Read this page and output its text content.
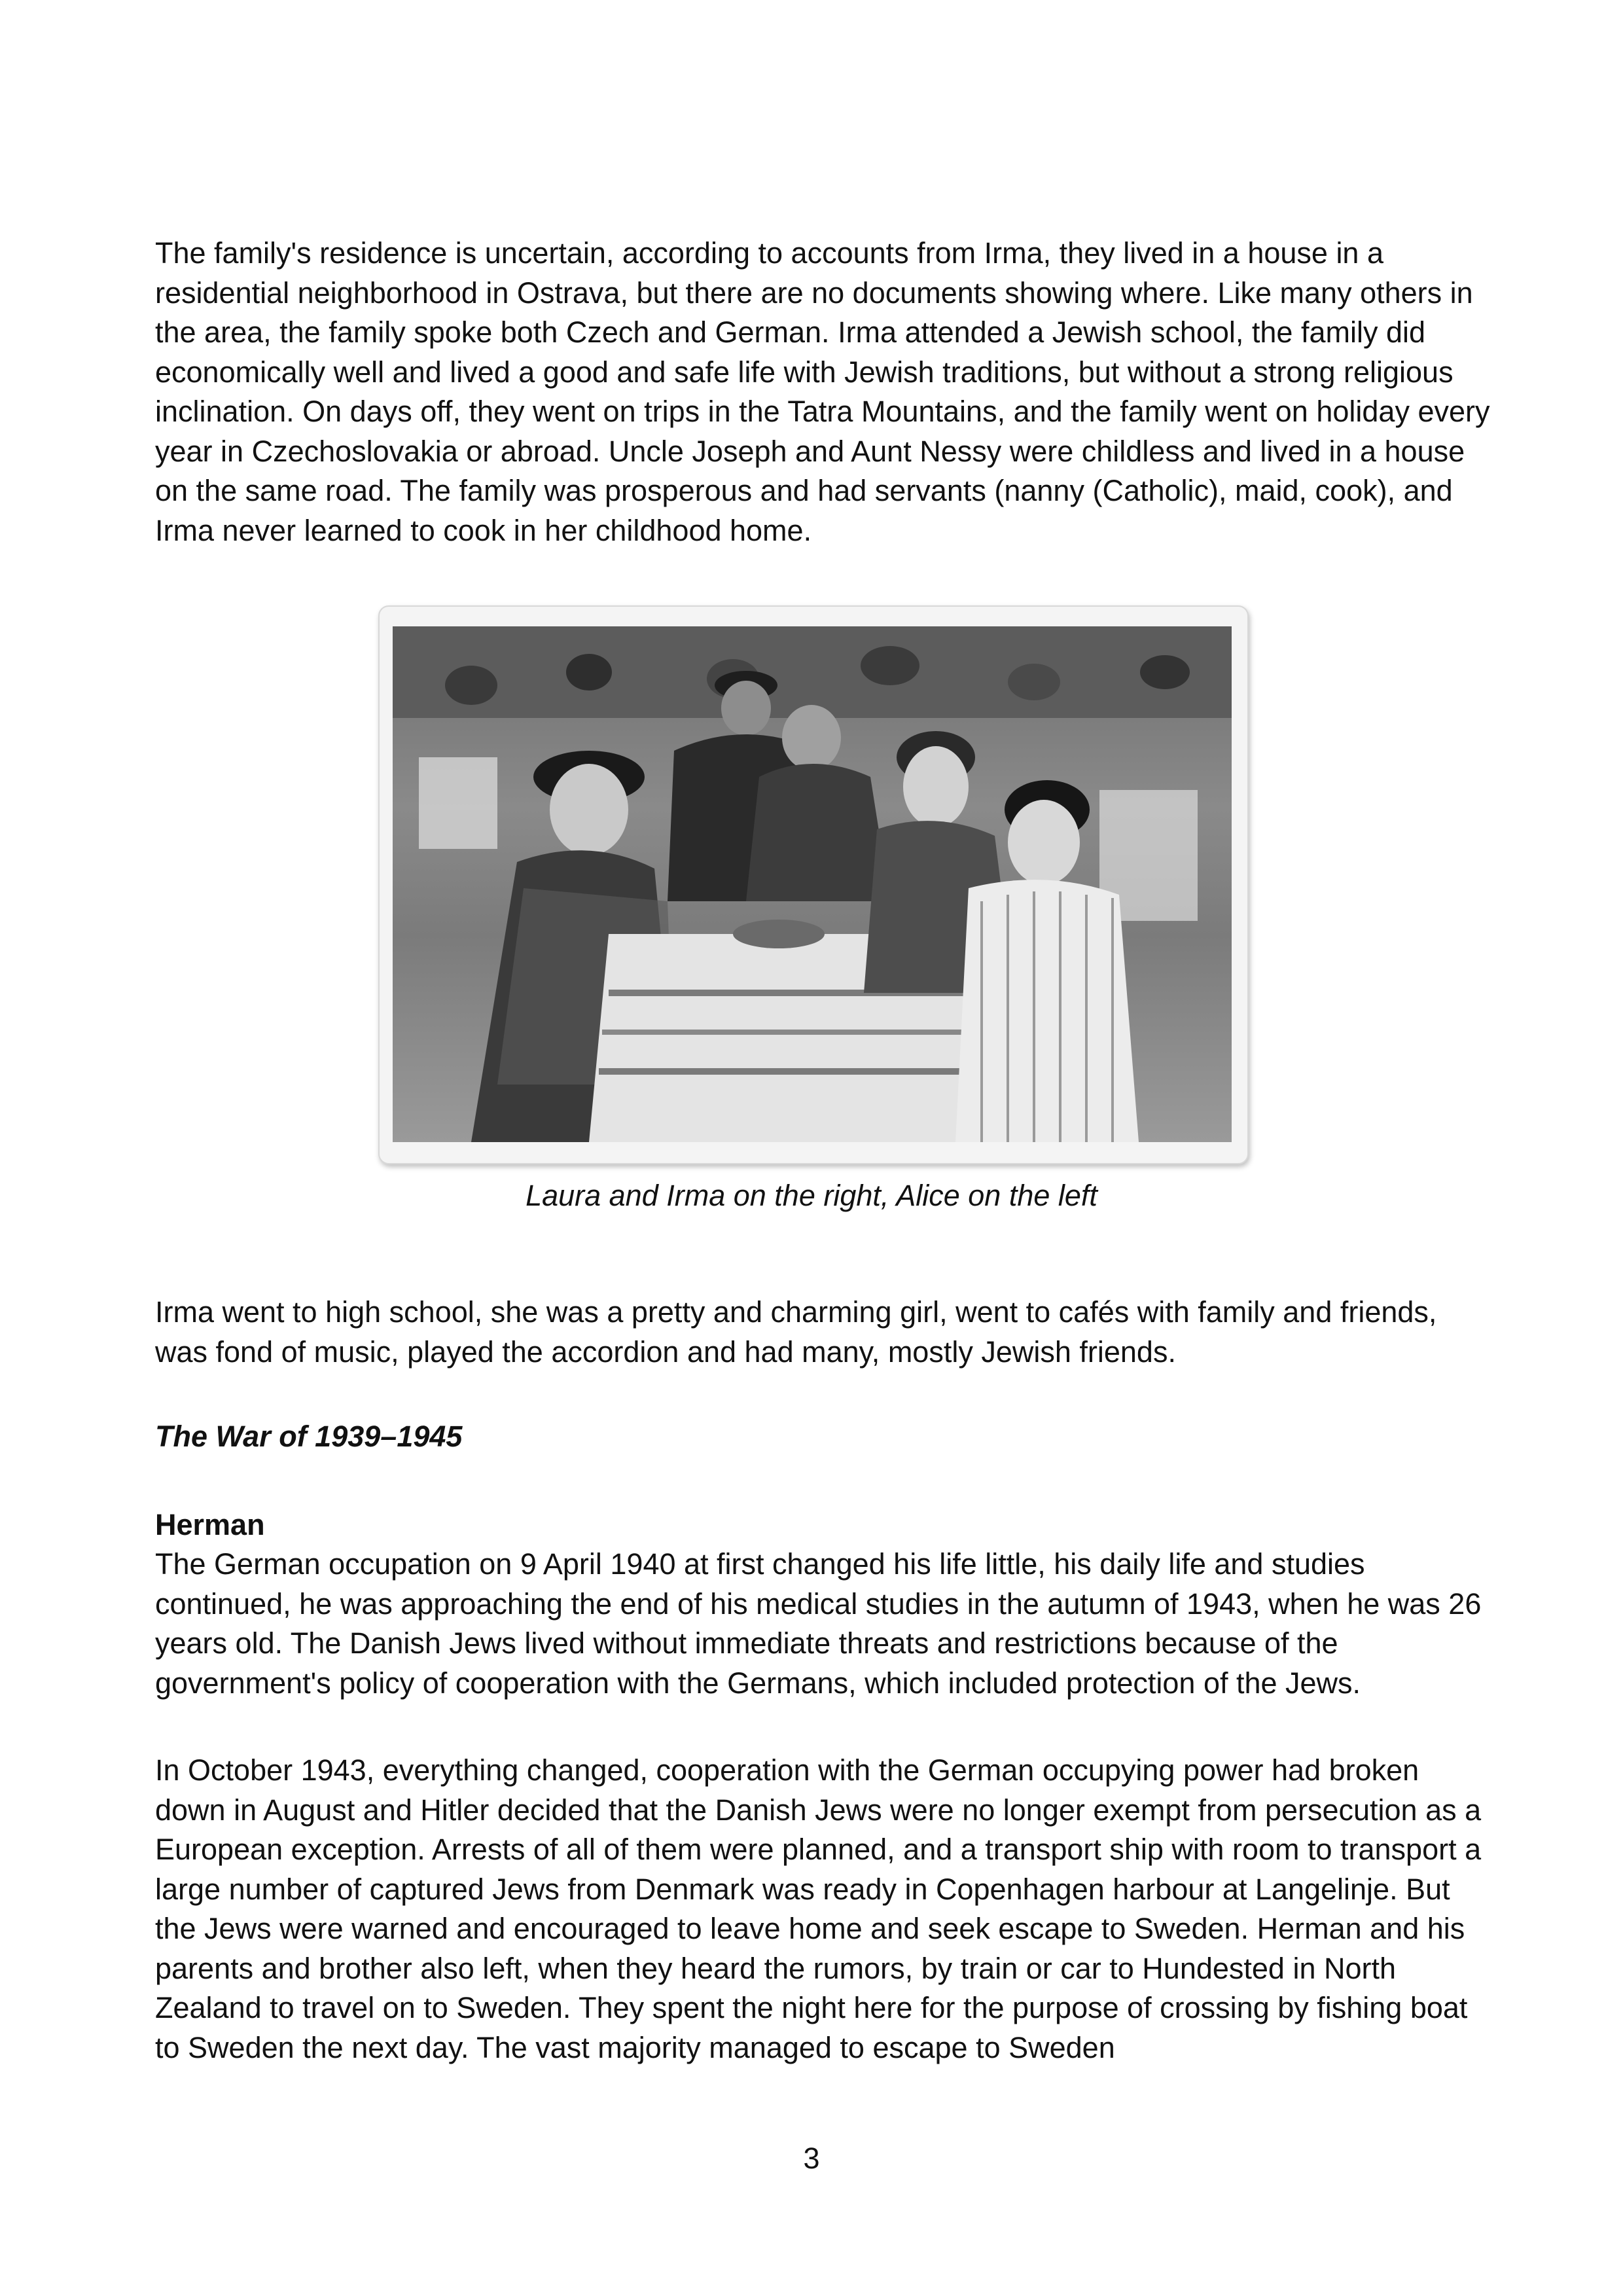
The family's residence is uncertain, according to accounts from Irma, they lived in a house in a residential neighborhood in Ostrava, but there are no documents showing where. Like many others in the area, the family spoke both Czech and German. Irma attended a Jewish school, the family did economically well and lived a good and safe life with Jewish traditions, but without a strong religious inclination. On days off, they went on trips in the Tatra Mountains, and the family went on holiday every year in Czechoslovakia or abroad. Uncle Joseph and Aunt Nessy were childless and lived in a house on the same road. The family was prosperous and had servants (nanny (Catholic), maid, cook), and Irma never learned to cook in her childhood home.

Laura and Irma on the right, Alice on the left

Irma went to high school, she was a pretty and charming girl, went to cafés with family and friends, was fond of music, played the accordion and had many, mostly Jewish friends.

The War of 1939–1945
Herman

The German occupation on 9 April 1940 at first changed his life little, his daily life and studies continued, he was approaching the end of his medical studies in the autumn of 1943, when he was 26 years old. The Danish Jews lived without immediate threats and restrictions because of the government's policy of cooperation with the Germans, which included protection of the Jews.

In October 1943, everything changed, cooperation with the German occupying power had broken down in August and Hitler decided that the Danish Jews were no longer exempt from persecution as a European exception. Arrests of all of them were planned, and a transport ship with room to transport a large number of captured Jews from Denmark was ready in Copenhagen harbour at Langelinje. But the Jews were warned and encouraged to leave home and seek escape to Sweden. Herman and his parents and brother also left, when they heard the rumors, by train or car to Hundested in North Zealand to travel on to Sweden. They spent the night here for the purpose of crossing by fishing boat to Sweden the next day. The vast majority managed to escape to Sweden

3
